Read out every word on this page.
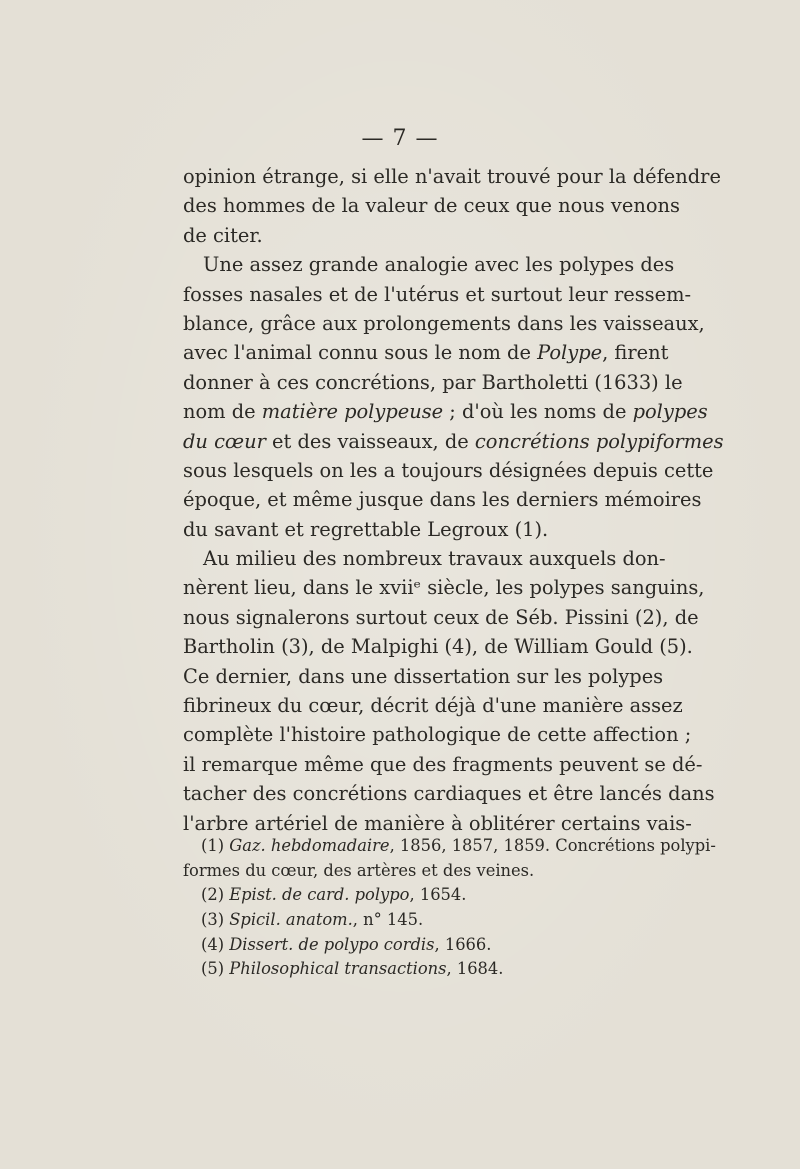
— 7 —
opinion étrange, si elle n'avait trouvé pour la défendre
des hommes de la valeur de ceux que nous venons
de citer.
Une assez grande analogie avec les polypes des
fosses nasales et de l'utérus et surtout leur ressem-
blance, grâce aux prolongements dans les vaisseaux,
avec l'animal connu sous le nom de Polype, firent
donner à ces concrétions, par Bartholetti (1633) le
nom de matière polypeuse ; d'où les noms de polypes
du cœur et des vaisseaux, de concrétions polypiformes
sous lesquels on les a toujours désignées depuis cette
époque, et même jusque dans les derniers mémoires
du savant et regrettable Legroux (1).
Au milieu des nombreux travaux auxquels don-
nèrent lieu, dans le xviiᵉ siècle, les polypes sanguins,
nous signalerons surtout ceux de Séb. Pissini (2), de
Bartholin (3), de Malpighi (4), de William Gould (5).
Ce dernier, dans une dissertation sur les polypes
fibrineux du cœur, décrit déjà d'une manière assez
complète l'histoire pathologique de cette affection ;
il remarque même que des fragments peuvent se dé-
tacher des concrétions cardiaques et être lancés dans
l'arbre artériel de manière à oblitérer certains vais-
(1) Gaz. hebdomadaire, 1856, 1857, 1859. Concrétions polypi-
formes du cœur, des artères et des veines.
(2) Epist. de card. polypo, 1654.
(3) Spicil. anatom., n° 145.
(4) Dissert. de polypo cordis, 1666.
(5) Philosophical transactions, 1684.
